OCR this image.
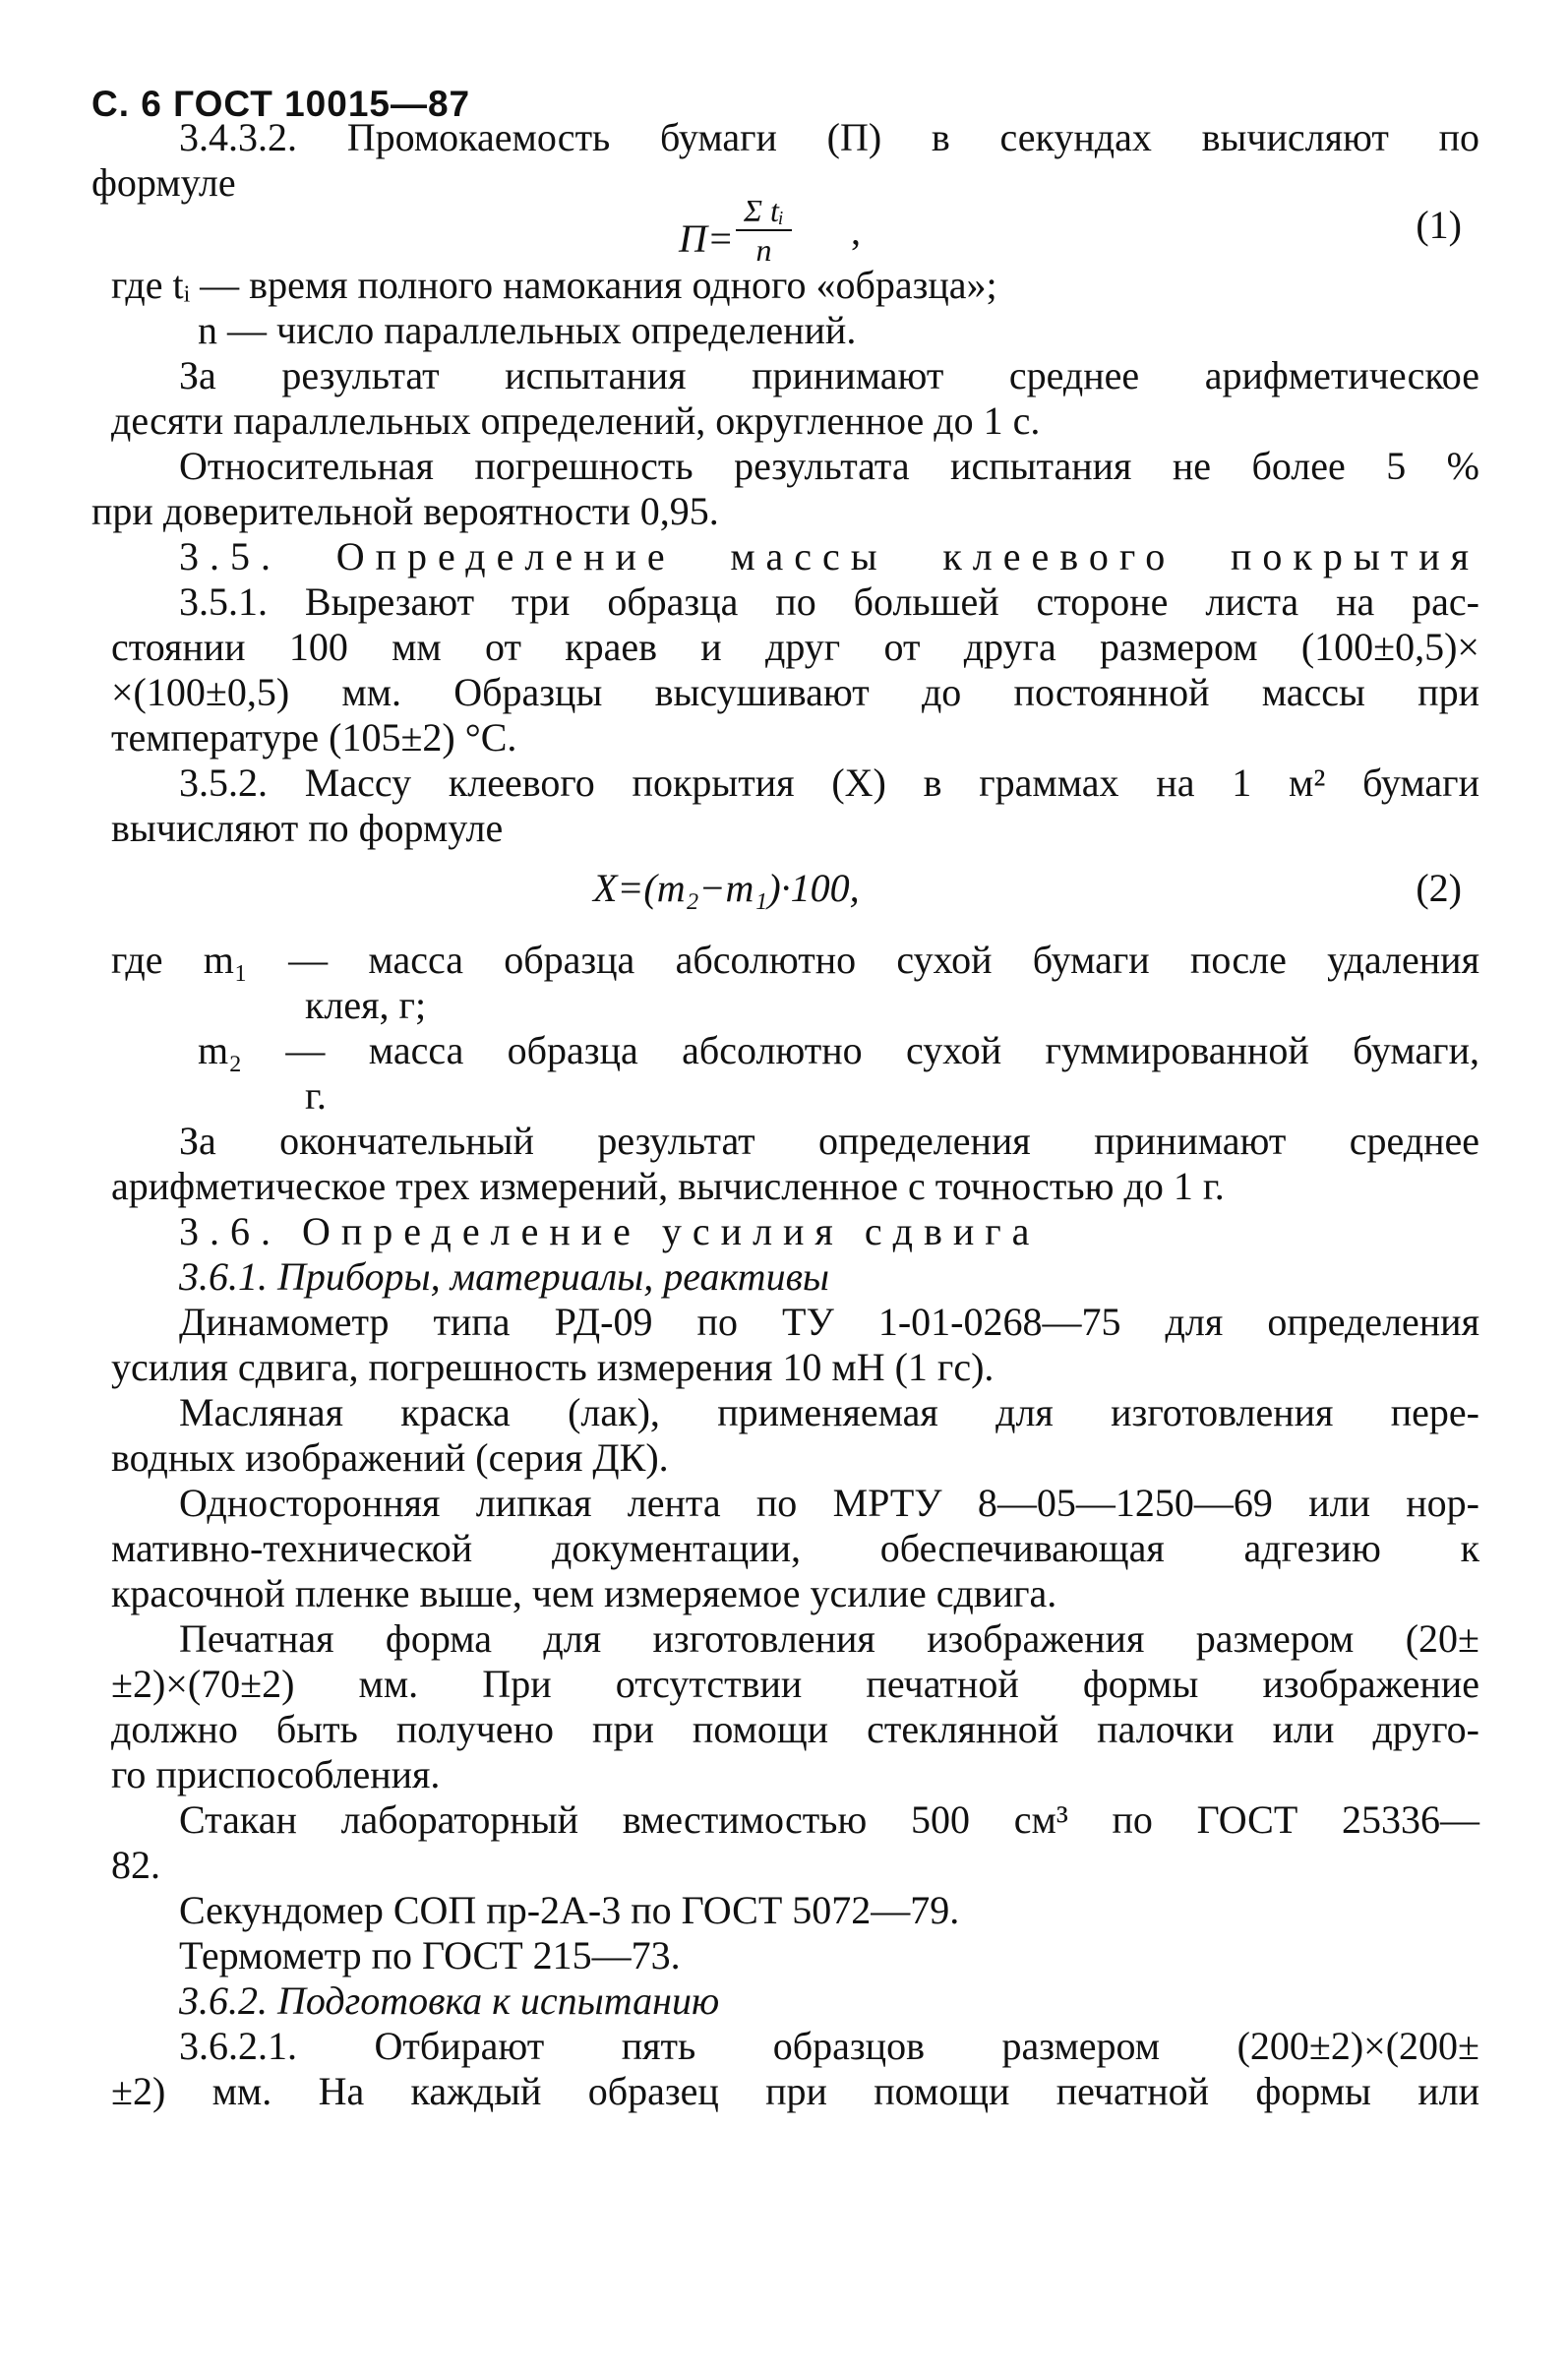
С. 6 ГОСТ 10015—87
3.4.3.2. Промокаемость бумаги (П) в секундах вычисляют по
формуле
$П= \frac{\text{Σ tᵢ}}{n}$ ,	(1)
где tᵢ — время полного намокания одного «образца»;
n — число параллельных определений.
За результат испытания принимают среднее арифметическое
десяти параллельных определений, округленное до 1 с.
Относительная погрешность результата испытания не более 5 %
при доверительной вероятности 0,95.
3.5. Определение массы клеевого покрытия
3.5.1. Вырезают три образца по большей стороне листа на рас-
стоянии 100 мм от краев и друг от друга размером (100±0,5)×
×(100±0,5) мм. Образцы высушивают до постоянной массы при
температуре (105±2) °С.
3.5.2. Массу клеевого покрытия (X) в граммах на 1 м² бумаги
вычисляют по формуле
X=(m₂−m₁)·100,	(2)
где m₁ — масса образца абсолютно сухой бумаги после удаления
клея, г;
m₂ — масса образца абсолютно сухой гуммированной бумаги,
г.
За окончательный результат определения принимают среднее
арифметическое трех измерений, вычисленное с точностью до 1 г.
3.6. Определение усилия сдвига
3.6.1. Приборы, материалы, реактивы
Динамометр типа РД-09 по ТУ 1-01-0268—75 для определения
усилия сдвига, погрешность измерения 10 мН (1 гс).
Масляная краска (лак), применяемая для изготовления пере-
водных изображений (серия ДК).
Односторонняя липкая лента по МРТУ 8—05—1250—69 или нор-
мативно-технической документации, обеспечивающая адгезию к
красочной пленке выше, чем измеряемое усилие сдвига.
Печатная форма для изготовления изображения размером (20±
±2)×(70±2) мм. При отсутствии печатной формы изображение
должно быть получено при помощи стеклянной палочки или друго-
го приспособления.
Стакан лабораторный вместимостью 500 см³ по ГОСТ 25336—
82.
Секундомер СОП пр-2А-3 по ГОСТ 5072—79.
Термометр по ГОСТ 215—73.
3.6.2. Подготовка к испытанию
3.6.2.1. Отбирают пять образцов размером (200±2)×(200±
±2) мм. На каждый образец при помощи печатной формы или
